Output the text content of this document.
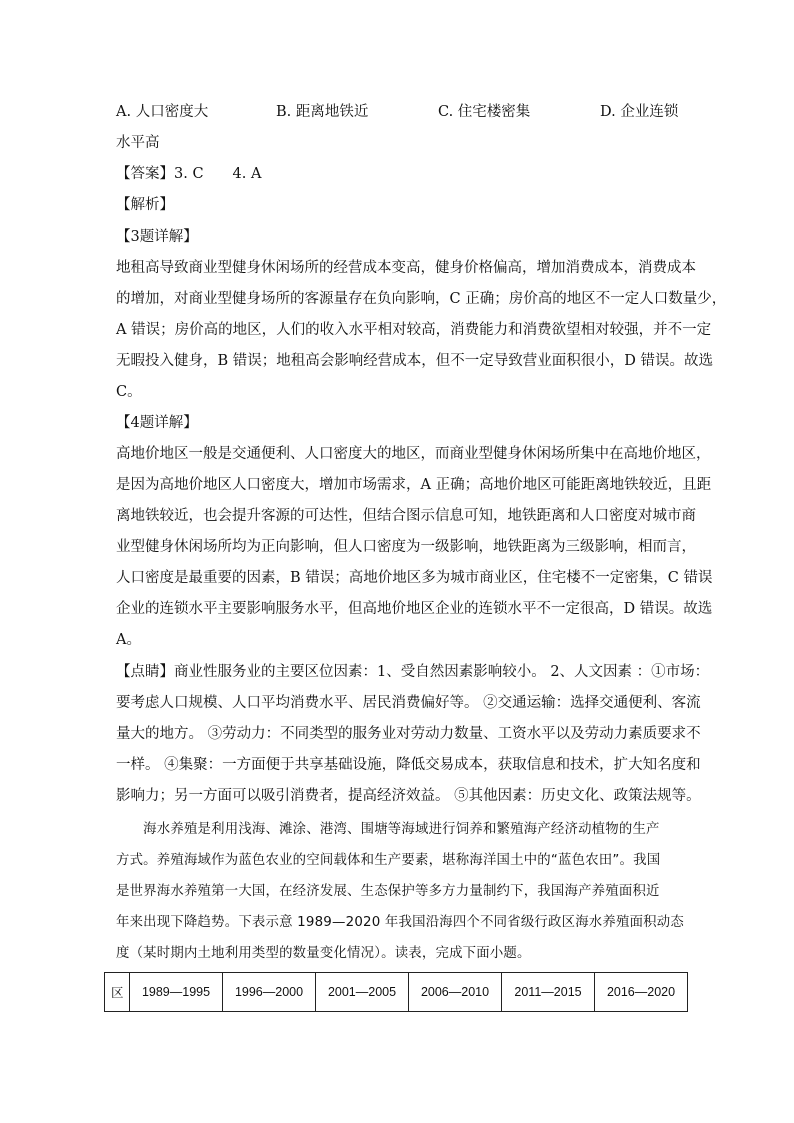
A. 人口密度大	B. 距离地铁近	C. 住宅楼密集	D. 企业连锁
水平高
【答案】3. C　　4. A
【解析】
【3题详解】
地租高导致商业型健身休闲场所的经营成本变高，健身价格偏高，增加消费成本，消费成本
的增加，对商业型健身场所的客源量存在负向影响，C 正确；房价高的地区不一定人口数量少，
A 错误；房价高的地区，人们的收入水平相对较高，消费能力和消费欲望相对较强，并不一定
无暇投入健身，B 错误；地租高会影响经营成本，但不一定导致营业面积很小，D 错误。故选
C。
【4题详解】
高地价地区一般是交通便利、人口密度大的地区，而商业型健身休闲场所集中在高地价地区，
是因为高地价地区人口密度大，增加市场需求，A 正确；高地价地区可能距离地铁较近，且距
离地铁较近，也会提升客源的可达性，但结合图示信息可知，地铁距离和人口密度对城市商
业型健身休闲场所均为正向影响，但人口密度为一级影响，地铁距离为三级影响，相而言，
人口密度是最重要的因素，B 错误；高地价地区多为城市商业区，住宅楼不一定密集，C 错误
企业的连锁水平主要影响服务水平，但高地价地区企业的连锁水平不一定很高，D 错误。故选
A。
【点睛】商业性服务业的主要区位因素：1、受自然因素影响较小。 2、人文因素 ：①市场：
要考虑人口规模、人口平均消费水平、居民消费偏好等。 ②交通运输：选择交通便利、客流
量大的地方。 ③劳动力：不同类型的服务业对劳动力数量、工资水平以及劳动力素质要求不
一样。 ④集聚：一方面便于共享基础设施，降低交易成本，获取信息和技术，扩大知名度和
影响力；另一方面可以吸引消费者，提高经济效益。 ⑤其他因素：历史文化、政策法规等。
　　海水养殖是利用浅海、滩涂、港湾、围塘等海域进行饲养和繁殖海产经济动植物的生产
方式。养殖海域作为蓝色农业的空间载体和生产要素，堪称海洋国土中的“蓝色农田”。我国
是世界海水养殖第一大国，在经济发展、生态保护等多方力量制约下，我国海产养殖面积近
年来出现下降趋势。下表示意 1989—2020 年我国沿海四个不同省级行政区海水养殖面积动态
度（某时期内土地利用类型的数量变化情况）。读表，完成下面小题。
区	1989—1995	1996—2000	2001—2005	2006—2010	2011—2015	2016—2020
